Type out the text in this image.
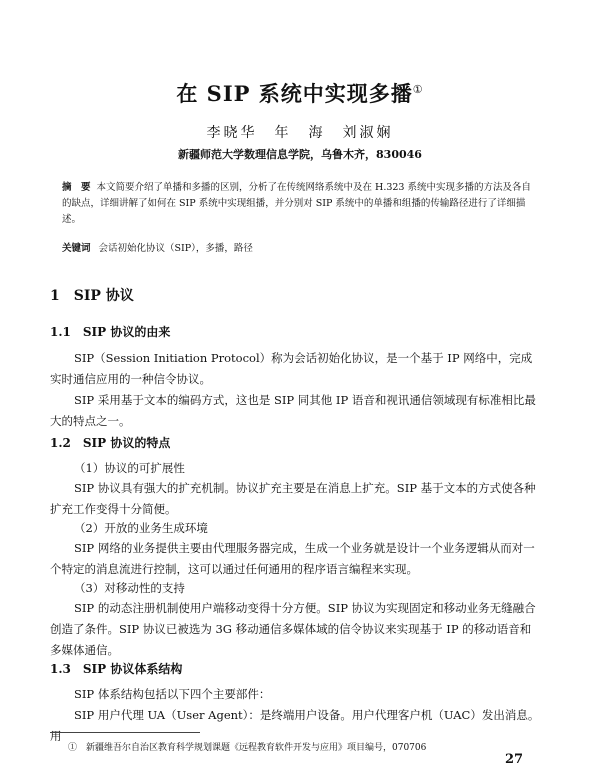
在 SIP 系统中实现多播①
李晓华　年　海　刘淑娴
新疆师范大学数理信息学院，乌鲁木齐，830046
摘　要 本文简要介绍了单播和多播的区别，分析了在传统网络系统中及在 H.323 系统中实现多播的方法及各自的缺点，详细讲解了如何在 SIP 系统中实现组播，并分别对 SIP 系统中的单播和组播的传输路径进行了详细描述。
关键词 会话初始化协议（SIP），多播，路径
1　SIP 协议
1.1　SIP 协议的由来
SIP（Session Initiation Protocol）称为会话初始化协议，是一个基于 IP 网络中，完成实时通信应用的一种信令协议。
SIP 采用基于文本的编码方式，这也是 SIP 同其他 IP 语音和视讯通信领域现有标准相比最大的特点之一。
1.2　SIP 协议的特点
（1）协议的可扩展性
SIP 协议具有强大的扩充机制。协议扩充主要是在消息上扩充。SIP 基于文本的方式使各种扩充工作变得十分简便。
（2）开放的业务生成环境
SIP 网络的业务提供主要由代理服务器完成，生成一个业务就是设计一个业务逻辑从而对一个特定的消息流进行控制，这可以通过任何通用的程序语言编程来实现。
（3）对移动性的支持
SIP 的动态注册机制使用户端移动变得十分方便。SIP 协议为实现固定和移动业务无缝融合创造了条件。SIP 协议已被选为 3G 移动通信多媒体域的信令协议来实现基于 IP 的移动语音和多媒体通信。
1.3　SIP 协议体系结构
SIP 体系结构包括以下四个主要部件：
SIP 用户代理 UA（User Agent）：是终端用户设备。用户代理客户机（UAC）发出消息。用
①　新疆维吾尔自治区教育科学规划课题《远程教育软件开发与应用》项目编号，070706
27
